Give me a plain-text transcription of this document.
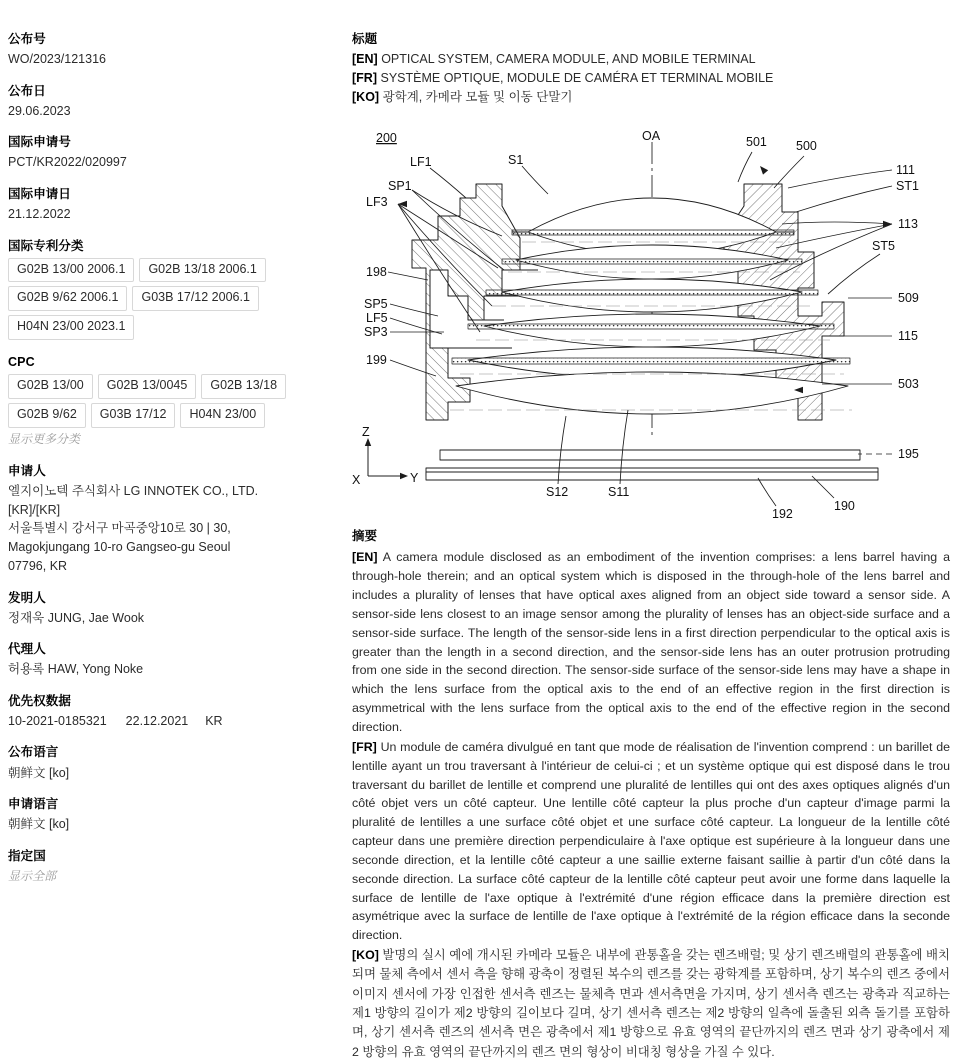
公布号
WO/2023/121316
公布日
29.06.2023
国际申请号
PCT/KR2022/020997
国际申请日
21.12.2022
国际专利分类
G02B 13/00 2006.1	G02B 13/18 2006.1
G02B 9/62 2006.1	G03B 17/12 2006.1
H04N 23/00 2023.1
CPC
G02B 13/00	G02B 13/0045	G02B 13/18
G02B 9/62	G03B 17/12	H04N 23/00
显示更多分类
申请人
엘지이노텍 주식회사 LG INNOTEK CO., LTD.
[KR]/[KR]
서울특별시 강서구 마곡중앙10로 30 | 30,
Magokjungang 10-ro Gangseo-gu Seoul
07796, KR
发明人
정재욱 JUNG, Jae Wook
代理人
허용록 HAW, Yong Noke
优先权数据
10-2021-0185321 22.12.2021 KR
公布语言
朝鲜文 [ko]
申请语言
朝鲜文 [ko]
指定国
显示全部
标题
[EN] OPTICAL SYSTEM, CAMERA MODULE, AND MOBILE TERMINAL
[FR] SYSTÈME OPTIQUE, MODULE DE CAMÉRA ET TERMINAL MOBILE
[KO] 광학계, 카메라 모듈 및 이동 단말기
200	OA
S1
LF1
SP1
LF3
198
SP5
LF5
SP3
199
S12	S11
501 500
111
ST1
113
ST5
509
115
503
195
192
190
Z
X	Y
摘要

[EN] A camera module disclosed as an embodiment of the invention comprises: a lens barrel having a through-hole therein; and an optical system which is disposed in the through-hole of the lens barrel and includes a plurality of lenses that have optical axes aligned from an object side toward a sensor side. A sensor-side lens closest to an image sensor among the plurality of lenses has an object-side surface and a sensor-side surface. The length of the sensor-side lens in a first direction perpendicular to the optical axis is greater than the length in a second direction, and the sensor-side lens has an outer protrusion protruding from one side in the second direction. The sensor-side surface of the sensor-side lens may have a shape in which the lens surface from the optical axis to the end of an effective region in the first direction is asymmetrical with the lens surface from the optical axis to the end of the effective region in the second direction.

[FR] Un module de caméra divulgué en tant que mode de réalisation de l'invention comprend : un barillet de lentille ayant un trou traversant à l'intérieur de celui-ci ; et un système optique qui est disposé dans le trou traversant du barillet de lentille et comprend une pluralité de lentilles qui ont des axes optiques alignés d'un côté objet vers un côté capteur. Une lentille côté capteur la plus proche d'un capteur d'image parmi la pluralité de lentilles a une surface côté objet et une surface côté capteur. La longueur de la lentille côté capteur dans une première direction perpendiculaire à l'axe optique est supérieure à la longueur dans une seconde direction, et la lentille côté capteur a une saillie externe faisant saillie à partir d'un côté dans la seconde direction. La surface côté capteur de la lentille côté capteur peut avoir une forme dans laquelle la surface de lentille de l'axe optique à l'extrémité d'une région efficace dans la première direction est asymétrique avec la surface de lentille de l'axe optique à l'extrémité de la région efficace dans la seconde direction.

[KO] 발명의 실시 예에 개시된 카메라 모듈은 내부에 관통홀을 갖는 렌즈배럴; 및 상기 렌즈배럴의 관통홀에 배치되며 물체 측에서 센서 측을 향해 광축이 정렬된 복수의 렌즈를 갖는 광학계를 포함하며, 상기 복수의 렌즈 중에서 이미지 센서에 가장 인접한 센서측 렌즈는 물체측 면과 센서측면을 가지며, 상기 센서측 렌즈는 광축과 직교하는 제1 방향의 길이가 제2 방향의 길이보다 길며, 상기 센서측 렌즈는 제2 방향의 일측에 돌출된 외측 돌기를 포함하며, 상기 센서측 렌즈의 센서측 면은 광축에서 제1 방향으로 유효 영역의 끝단까지의 렌즈 면과 상기 광축에서 제2 방향의 유효 영역의 끝단까지의 렌즈 면의 형상이 비대칭 형상을 가질 수 있다.
